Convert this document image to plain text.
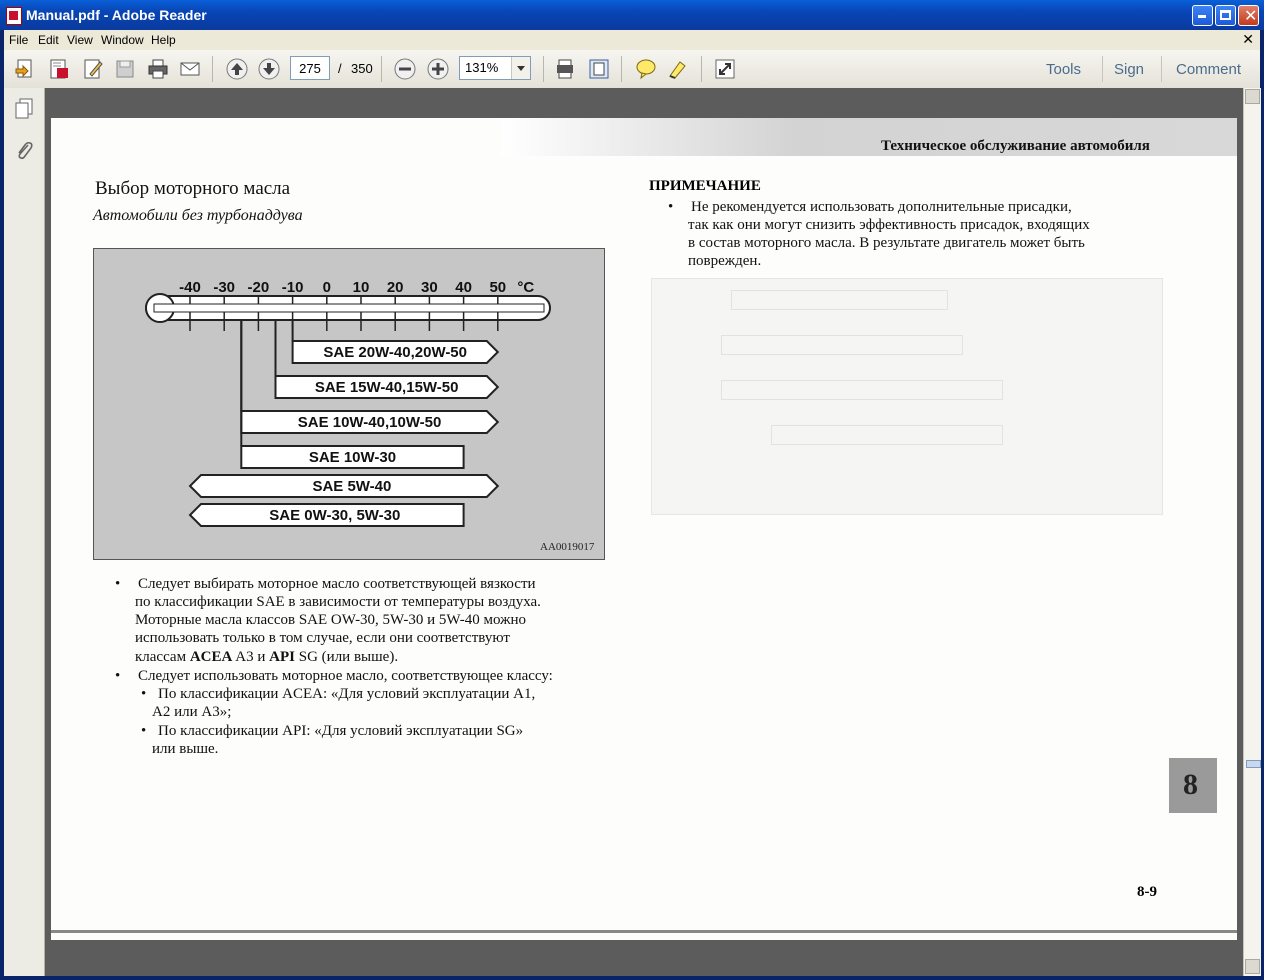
Manual.pdf - Adobe Reader	✕
File Edit View Window Help	✕
275	/ 350	131%	Tools Sign Comment
Техническое обслуживание автомобиля
Выбор моторного масла
Автомобили без турбонаддува
-40 -30 -20 -10 0 10 20 30 40 50 °C
SAE 20W-40,20W-50
SAE 15W-40,15W-50
SAE 10W-40,10W-50
SAE 10W-30
SAE 5W-40
SAE 0W-30, 5W-30
AA0019017
• Следует выбирать моторное масло соответствующей вязкости
по классификации SAE в зависимости от температуры воздуха.
Моторные масла классов SAE OW-30, 5W-30 и 5W-40 можно
использовать только в том случае, если они соответствуют
классам ACEA A3 и API SG (или выше).
• Следует использовать моторное масло, соответствующее классу:
• По классификации ACEA: «Для условий эксплуатации A1,
A2 или A3»;
• По классификации API: «Для условий эксплуатации SG»
или выше.
ПРИМЕЧАНИЕ
• Не рекомендуется использовать дополнительные присадки,
так как они могут снизить эффективность присадок, входящих
в состав моторного масла. В результате двигатель может быть
поврежден.
8
8-9
